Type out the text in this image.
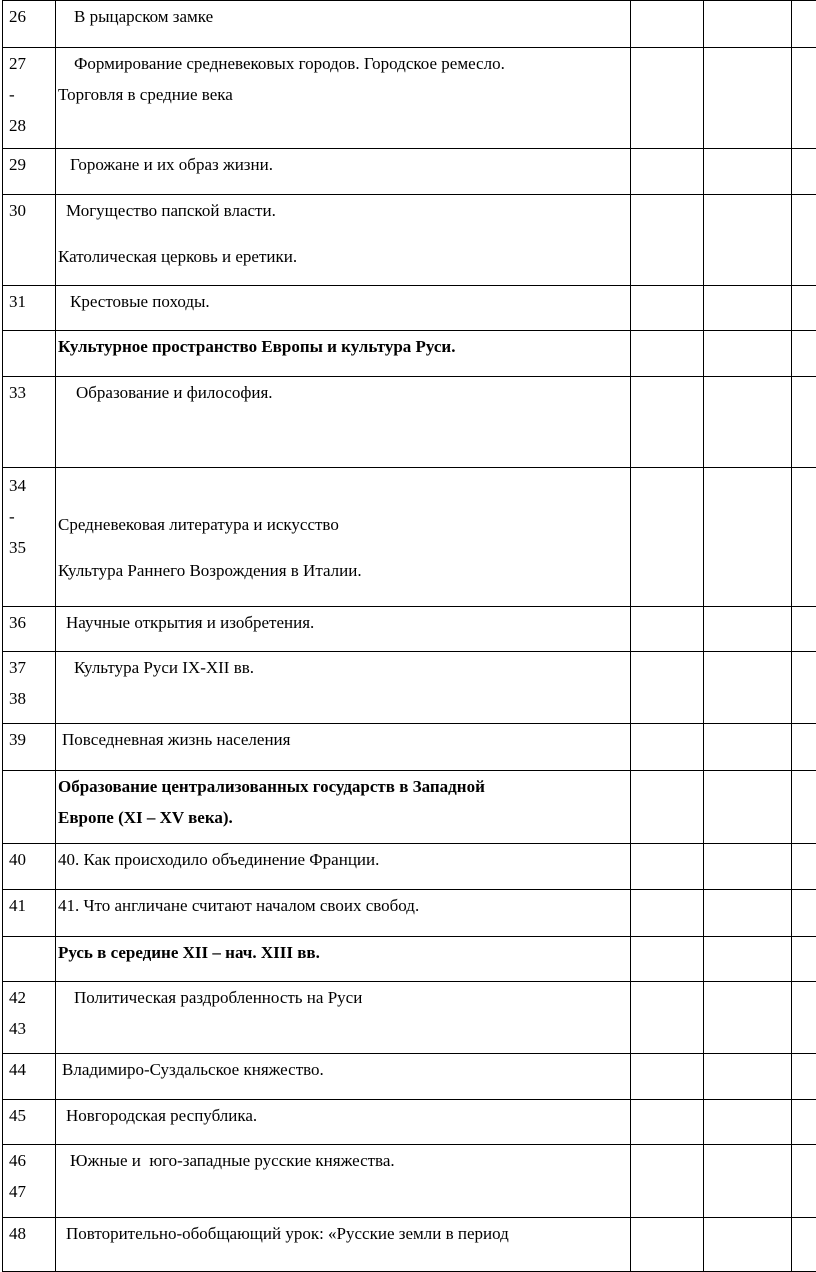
26	В рыцарском замке			

27
-
28	Формирование средневековых городов. Городское ремесло.
Торговля в средние века			

29	Горожане и их образ жизни.			

30	Могущество папской власти.
Католическая церковь и еретики.			

31	Крестовые походы.			

	Культурное пространство Европы и культура Руси.			

33	Образование и философия.			

34
-
35	Средневековая литература и искусство
Культура Раннего Возрождения в Италии.			

36	Научные открытия и изобретения.			

37
38	Культура Руси IX-XII вв.			

39	Повседневная жизнь населения			

	Образование централизованных государств в Западной
Европе (XI – XV века).			

40	40. Как происходило объединение Франции.			

41	41. Что англичане считают началом своих свобод.			

	Русь в середине XII – нач. XIII вв.			

42
43	Политическая раздробленность на Руси			

44	Владимиро-Суздальское княжество.			

45	Новгородская республика.			

46
47	Южные и  юго-западные русские княжества.			

48	Повторительно-обобщающий урок: «Русские земли в период			
